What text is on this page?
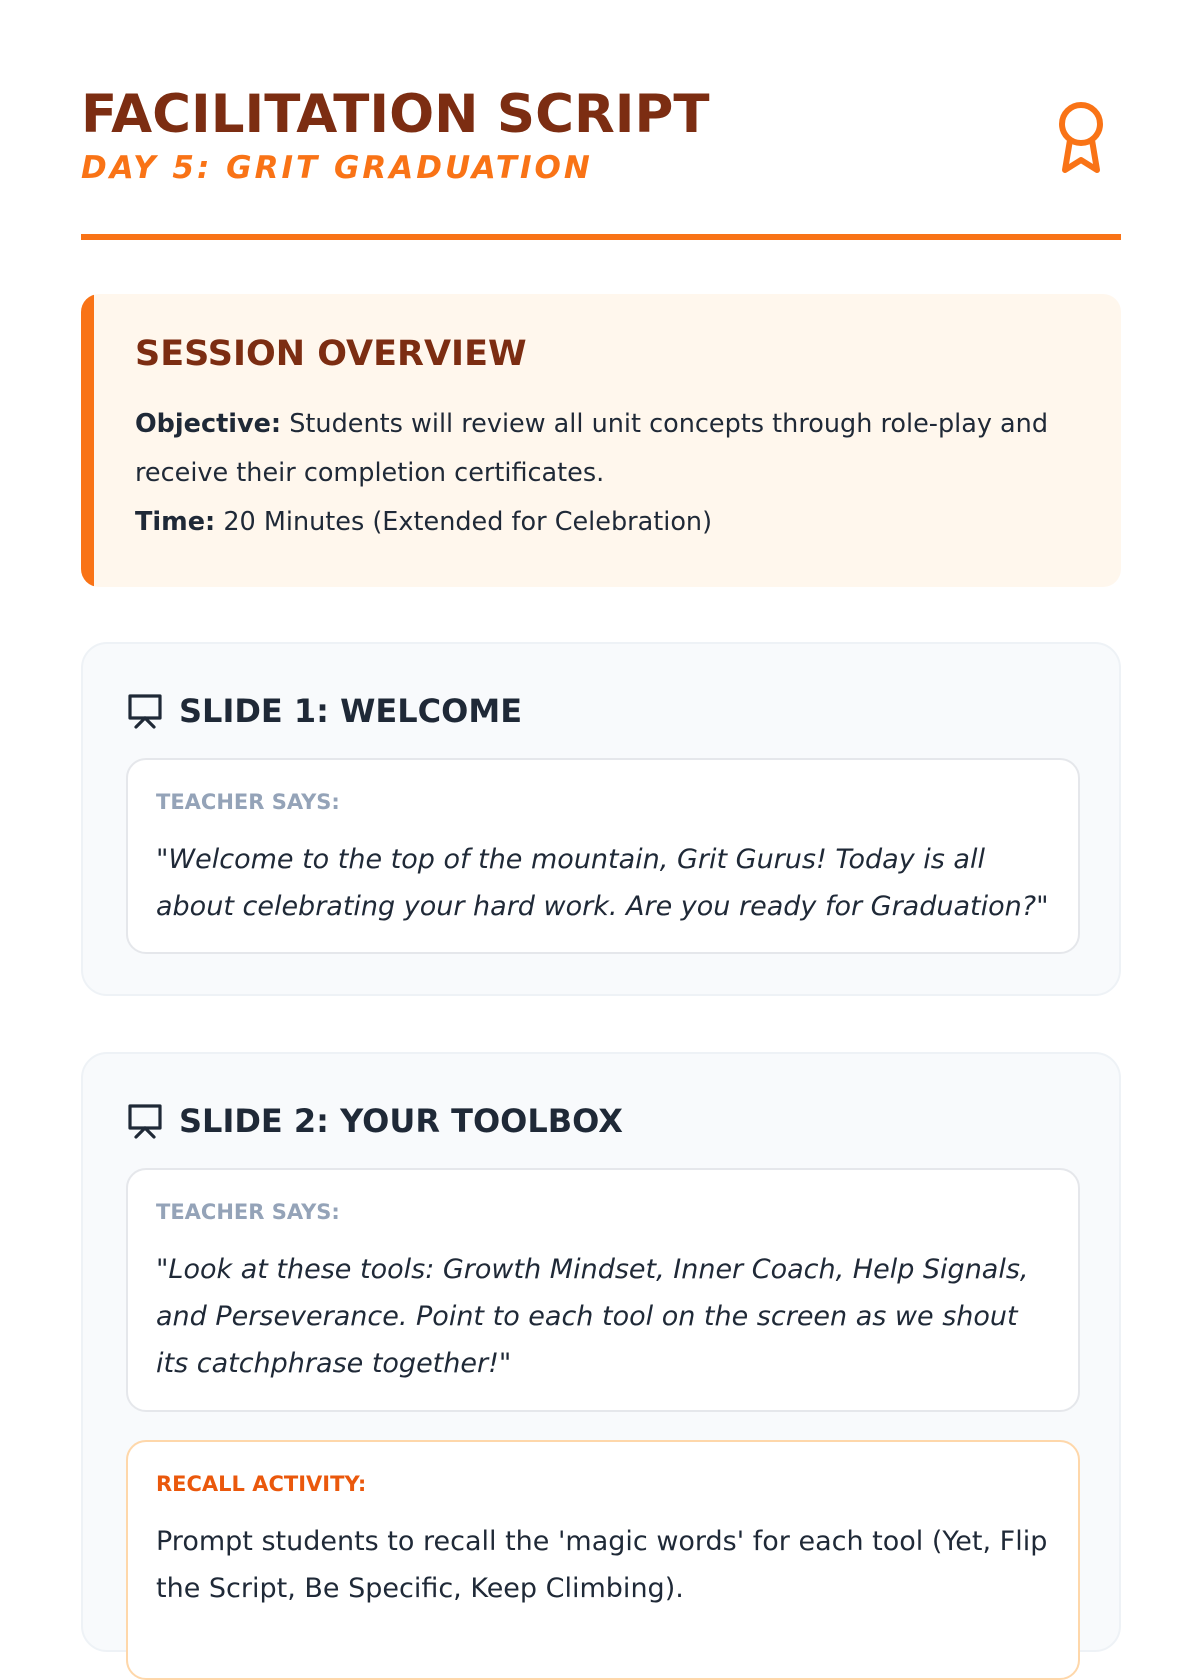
FACILITATION SCRIPT
DAY 5: GRIT GRADUATION
SESSION OVERVIEW
Objective: Students will review all unit concepts through role-play and receive their completion certificates.
Time: 20 Minutes (Extended for Celebration)
SLIDE 1: WELCOME
TEACHER SAYS:
"Welcome to the top of the mountain, Grit Gurus! Today is all about celebrating your hard work. Are you ready for Graduation?"
SLIDE 2: YOUR TOOLBOX
TEACHER SAYS:
"Look at these tools: Growth Mindset, Inner Coach, Help Signals, and Perseverance. Point to each tool on the screen as we shout its catchphrase together!"
RECALL ACTIVITY:
Prompt students to recall the 'magic words' for each tool (Yet, Flip the Script, Be Specific, Keep Climbing).
